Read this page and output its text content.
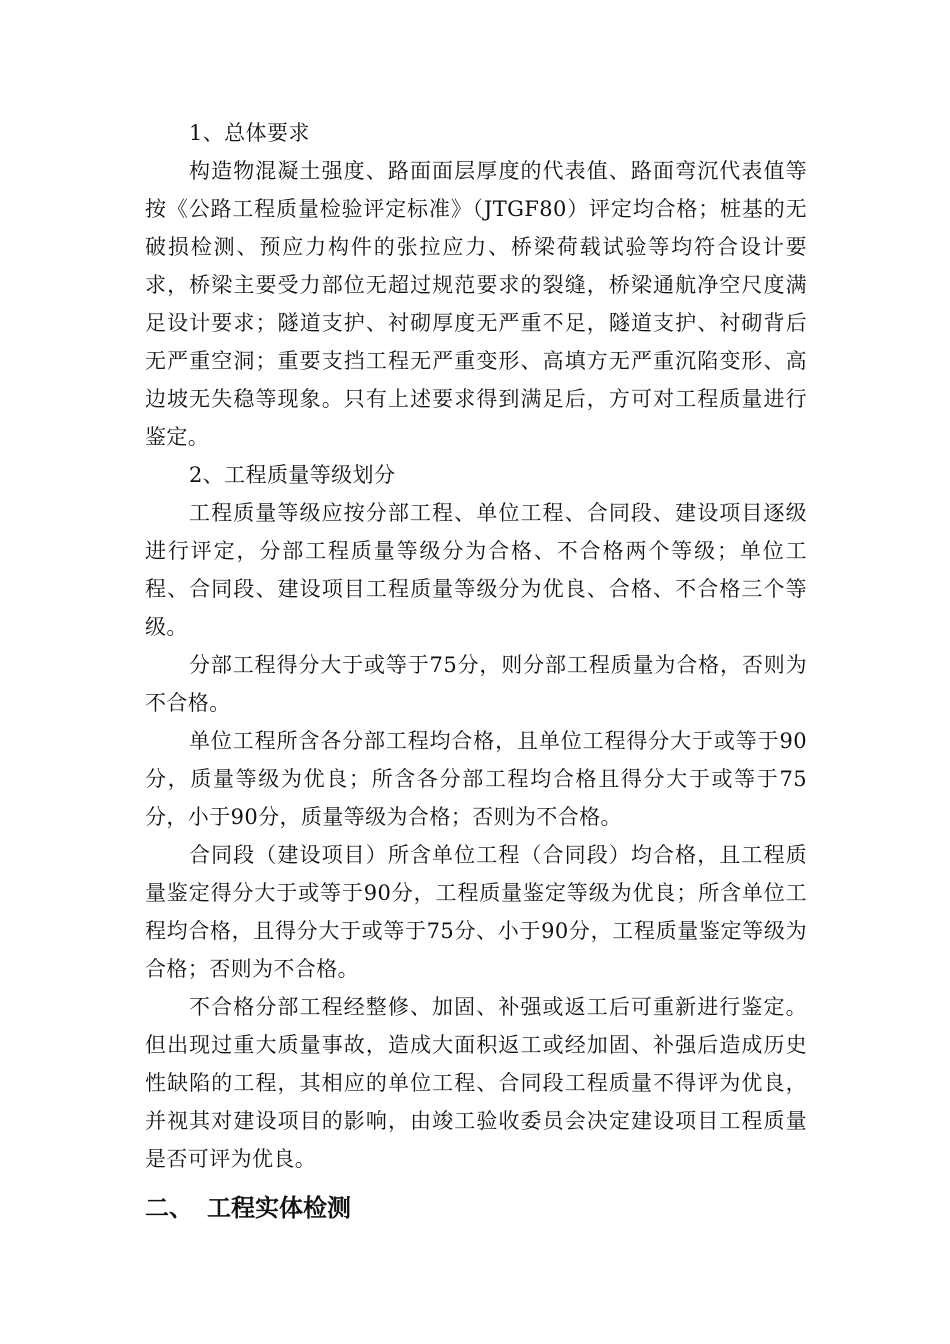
1、总体要求

构造物混凝土强度、路面面层厚度的代表值、路面弯沉代表值等按《公路工程质量检验评定标准》（JTGF80）评定均合格；桩基的无破损检测、预应力构件的张拉应力、桥梁荷载试验等均符合设计要求，桥梁主要受力部位无超过规范要求的裂缝，桥梁通航净空尺度满足设计要求；隧道支护、衬砌厚度无严重不足，隧道支护、衬砌背后无严重空洞；重要支挡工程无严重变形、高填方无严重沉陷变形、高边坡无失稳等现象。只有上述要求得到满足后，方可对工程质量进行鉴定。

2、工程质量等级划分

工程质量等级应按分部工程、单位工程、合同段、建设项目逐级进行评定，分部工程质量等级分为合格、不合格两个等级；单位工程、合同段、建设项目工程质量等级分为优良、合格、不合格三个等级。

分部工程得分大于或等于75分，则分部工程质量为合格，否则为不合格。

单位工程所含各分部工程均合格，且单位工程得分大于或等于90分，质量等级为优良；所含各分部工程均合格且得分大于或等于75分，小于90分，质量等级为合格；否则为不合格。

合同段（建设项目）所含单位工程（合同段）均合格，且工程质量鉴定得分大于或等于90分，工程质量鉴定等级为优良；所含单位工程均合格，且得分大于或等于75分、小于90分，工程质量鉴定等级为合格；否则为不合格。

不合格分部工程经整修、加固、补强或返工后可重新进行鉴定。但出现过重大质量事故，造成大面积返工或经加固、补强后造成历史性缺陷的工程，其相应的单位工程、合同段工程质量不得评为优良，并视其对建设项目的影响，由竣工验收委员会决定建设项目工程质量是否可评为优良。

二、 工程实体检测
